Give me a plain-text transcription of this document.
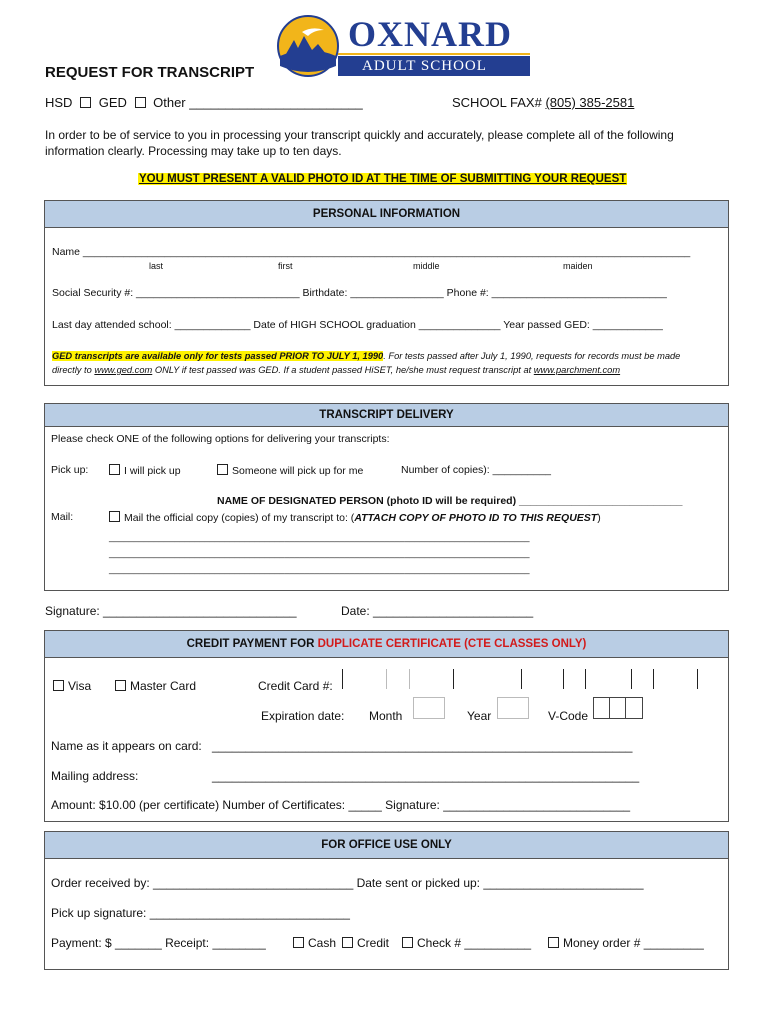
OXNARD
ADULT SCHOOL
REQUEST FOR TRANSCRIPT
HSD GED Other ________________________	SCHOOL FAX# (805) 385-2581
In order to be of service to you in processing your transcript quickly and accurately, please complete all of the following
information clearly. Processing may take up to ten days.
YOU MUST PRESENT A VALID PHOTO ID AT THE TIME OF SUBMITTING YOUR REQUEST
PERSONAL INFORMATION
Name ________________________________________________________________________________________________________
last	first	middle	maiden
Social Security #: ____________________________ Birthdate: ________________ Phone #: ______________________________
Last day attended school: _____________ Date of HIGH SCHOOL graduation ______________ Year passed GED: ____________
GED transcripts are available only for tests passed PRIOR TO JULY 1, 1990. For tests passed after July 1, 1990, requests for records must be made
directly to www.ged.com ONLY if test passed was GED. If a student passed HiSET, he/she must request transcript at www.parchment.com
TRANSCRIPT DELIVERY
Please check ONE of the following options for delivering your transcripts:
Pick up:	I will pick up	Someone will pick up for me	Number of copies): __________
NAME OF DESIGNATED PERSON (photo ID will be required) ____________________________
Mail:	Mail the official copy (copies) of my transcript to: (ATTACH COPY OF PHOTO ID TO THIS REQUEST)
____________________________________________________________________________________
____________________________________________________________________________________
____________________________________________________________________________________
Signature: _____________________________	Date: ________________________
CREDIT PAYMENT FOR DUPLICATE CERTIFICATE (CTE CLASSES ONLY)
Visa	Master Card	Credit Card #:
Expiration date: Month	Year	V-Code
Name as it appears on card: _______________________________________________________________
Mailing address:	________________________________________________________________
Amount: $10.00 (per certificate) Number of Certificates: _____ Signature: ____________________________
FOR OFFICE USE ONLY
Order received by: ______________________________ Date sent or picked up: ________________________
Pick up signature: ______________________________
Payment: $ _______ Receipt: ________	Cash	Credit	Check # __________	Money order # _________
